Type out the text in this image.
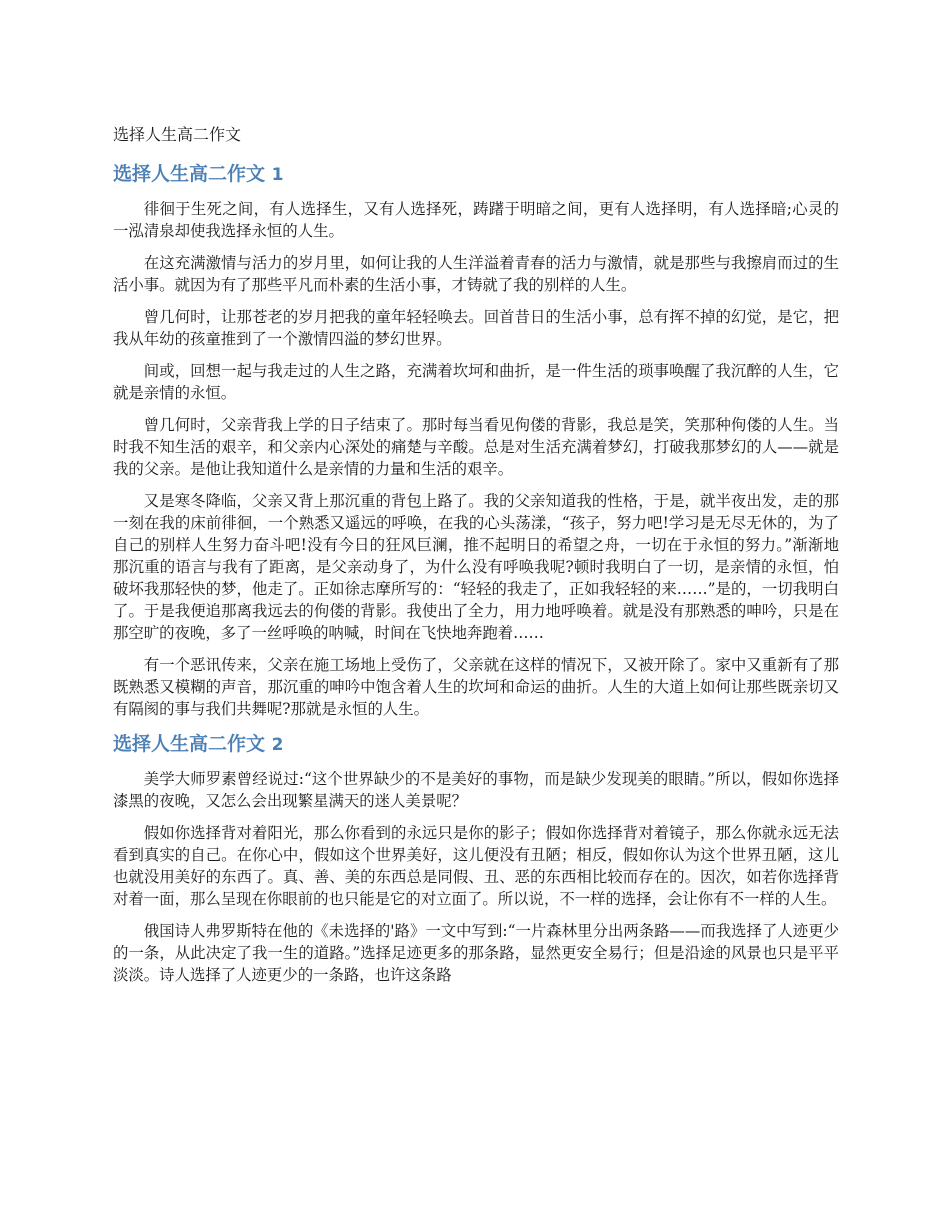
选择人生高二作文
选择人生高二作文 1

徘徊于生死之间，有人选择生，又有人选择死，踌躇于明暗之间，更有人选择明，有人选择暗;心灵的一泓清泉却使我选择永恒的人生。

在这充满激情与活力的岁月里，如何让我的人生洋溢着青春的活力与激情，就是那些与我擦肩而过的生活小事。就因为有了那些平凡而朴素的生活小事，才铸就了我的别样的人生。

曾几何时，让那苍老的岁月把我的童年轻轻唤去。回首昔日的生活小事，总有挥不掉的幻觉，是它，把我从年幼的孩童推到了一个激情四溢的梦幻世界。

间或，回想一起与我走过的人生之路，充满着坎坷和曲折，是一件生活的琐事唤醒了我沉醉的人生，它就是亲情的永恒。

曾几何时，父亲背我上学的日子结束了。那时每当看见佝偻的背影，我总是笑，笑那种佝偻的人生。当时我不知生活的艰辛，和父亲内心深处的痛楚与辛酸。总是对生活充满着梦幻，打破我那梦幻的人——就是我的父亲。是他让我知道什么是亲情的力量和生活的艰辛。

又是寒冬降临，父亲又背上那沉重的背包上路了。我的父亲知道我的性格，于是，就半夜出发，走的那一刻在我的床前徘徊，一个熟悉又遥远的呼唤，在我的心头荡漾，“孩子，努力吧!学习是无尽无休的，为了自己的别样人生努力奋斗吧!没有今日的狂风巨澜，推不起明日的希望之舟，一切在于永恒的努力。”渐渐地那沉重的语言与我有了距离，是父亲动身了，为什么没有呼唤我呢?顿时我明白了一切，是亲情的永恒，怕破坏我那轻快的梦，他走了。正如徐志摩所写的：“轻轻的我走了，正如我轻轻的来……”是的，一切我明白了。于是我便追那离我远去的佝偻的背影。我使出了全力，用力地呼唤着。就是没有那熟悉的呻吟，只是在那空旷的夜晚，多了一丝呼唤的呐喊，时间在飞快地奔跑着……

有一个恶讯传来，父亲在施工场地上受伤了，父亲就在这样的情况下，又被开除了。家中又重新有了那既熟悉又模糊的声音，那沉重的呻吟中饱含着人生的坎坷和命运的曲折。人生的大道上如何让那些既亲切又有隔阂的事与我们共舞呢?那就是永恒的人生。

选择人生高二作文 2

美学大师罗素曾经说过:“这个世界缺少的不是美好的事物，而是缺少发现美的眼睛。”所以，假如你选择漆黑的夜晚，又怎么会出现繁星满天的迷人美景呢？

假如你选择背对着阳光，那么你看到的永远只是你的影子；假如你选择背对着镜子，那么你就永远无法看到真实的自己。在你心中，假如这个世界美好，这儿便没有丑陋；相反，假如你认为这个世界丑陋，这儿也就没用美好的东西了。真、善、美的东西总是同假、丑、恶的东西相比较而存在的。因次，如若你选择背对着一面，那么呈现在你眼前的也只能是它的对立面了。所以说，不一样的选择，会让你有不一样的人生。

俄国诗人弗罗斯特在他的《未选择的'路》一文中写到:“一片森林里分出两条路——而我选择了人迹更少的一条，从此决定了我一生的道路。”选择足迹更多的那条路，显然更安全易行；但是沿途的风景也只是平平淡淡。诗人选择了人迹更少的一条路，也许这条路
